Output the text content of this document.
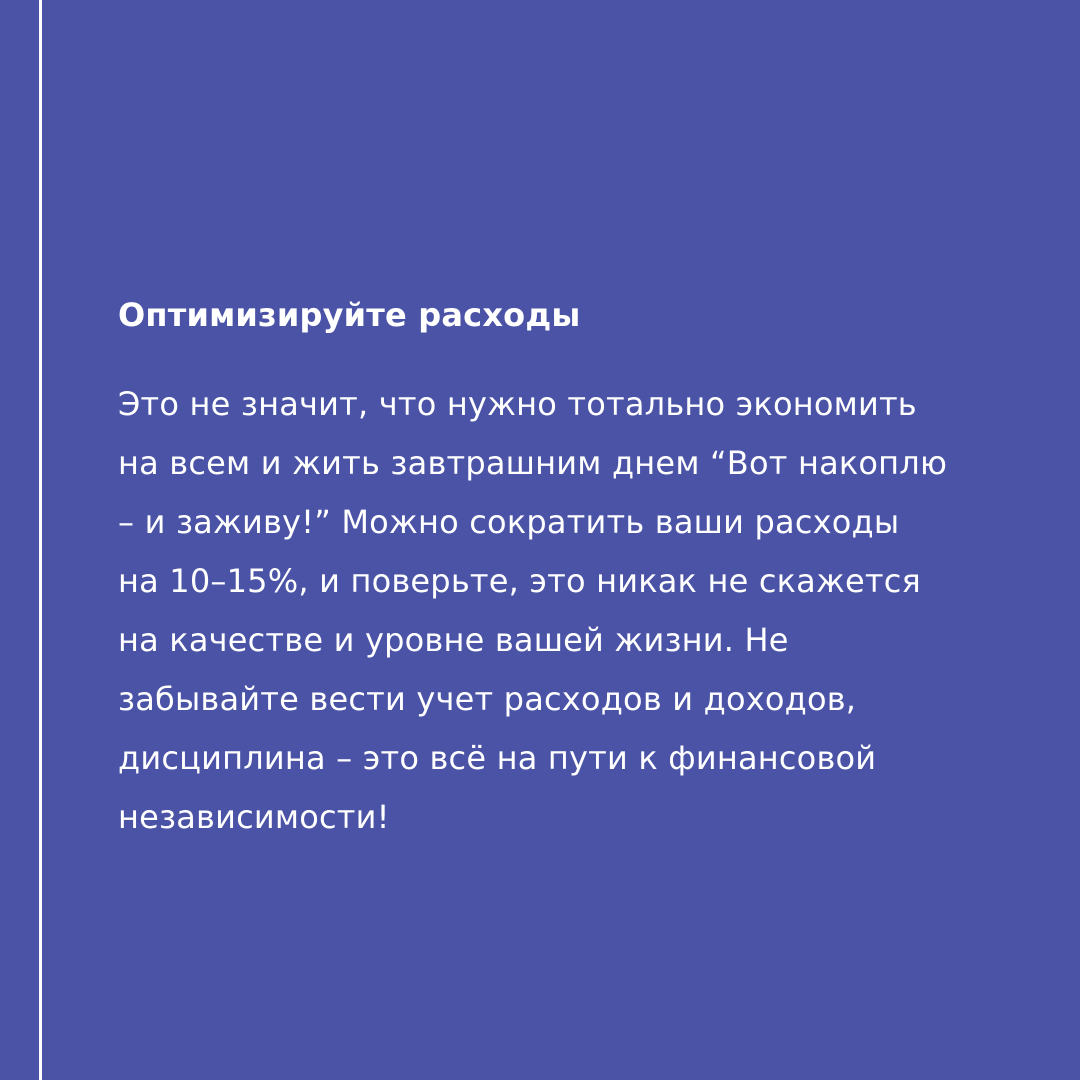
Оптимизируйте расходы

Это не значит, что нужно тотально экономить
на всем и жить завтрашним днем “Вот накоплю
– и заживу!” Можно сократить ваши расходы
на 10–15%, и поверьте, это никак не скажется
на качестве и уровне вашей жизни. Не
забывайте вести учет расходов и доходов,
дисциплина – это всё на пути к финансовой
независимости!
